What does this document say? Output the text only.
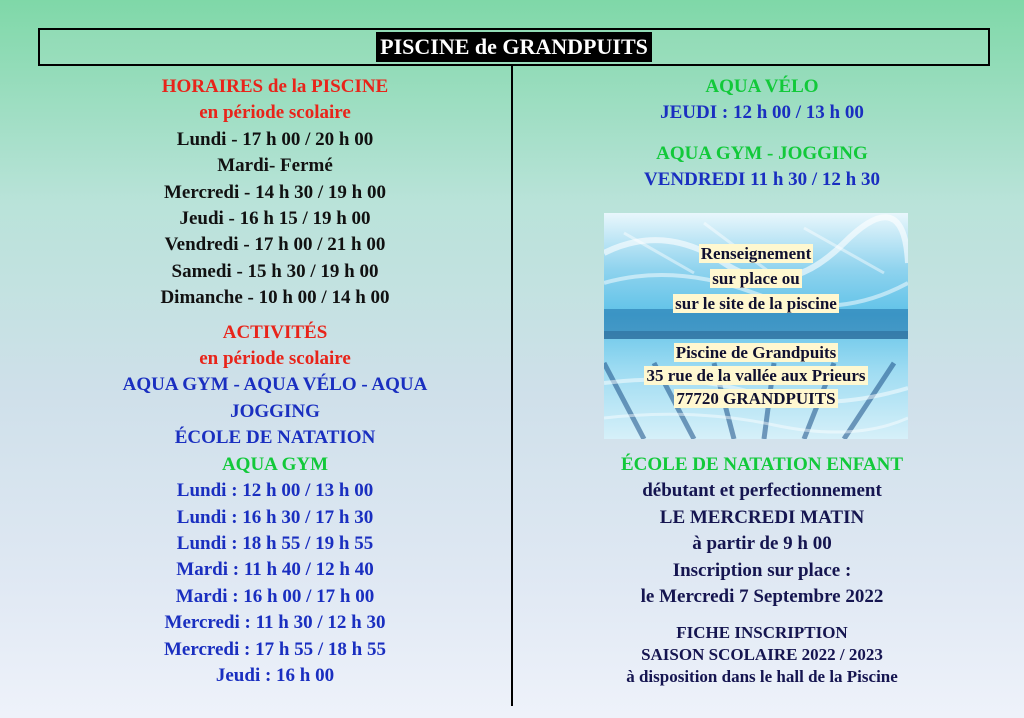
PISCINE de GRANDPUITS
HORAIRES de la PISCINE
en période scolaire
Lundi - 17 h 00 / 20 h 00
Mardi- Fermé
Mercredi - 14 h 30 / 19 h 00
Jeudi - 16 h 15 / 19 h 00
Vendredi - 17 h 00 / 21 h 00
Samedi - 15 h 30 / 19 h 00
Dimanche - 10 h 00 / 14 h 00
ACTIVITÉS
en période scolaire
AQUA GYM - AQUA VÉLO - AQUA
JOGGING
ÉCOLE DE NATATION
AQUA GYM
Lundi : 12 h 00 / 13 h 00
Lundi : 16 h 30 / 17 h 30
Lundi : 18 h 55 / 19 h 55
Mardi : 11 h 40 / 12 h 40
Mardi : 16 h 00 / 17 h 00
Mercredi : 11 h 30 / 12 h 30
Mercredi : 17 h 55 / 18 h 55
Jeudi : 16 h 00
AQUA VÉLO
JEUDI : 12 h 00 / 13 h 00
AQUA GYM - JOGGING
VENDREDI 11 h 30 / 12 h 30
Renseignement
sur place ou
sur le site de la piscine
Piscine de Grandpuits
35 rue de la vallée aux Prieurs
77720 GRANDPUITS
ÉCOLE DE NATATION ENFANT
débutant et perfectionnement
LE MERCREDI MATIN
à partir de 9 h 00
Inscription sur place :
le Mercredi 7 Septembre 2022
FICHE INSCRIPTION
SAISON SCOLAIRE 2022 / 2023
à disposition dans le hall de la Piscine
